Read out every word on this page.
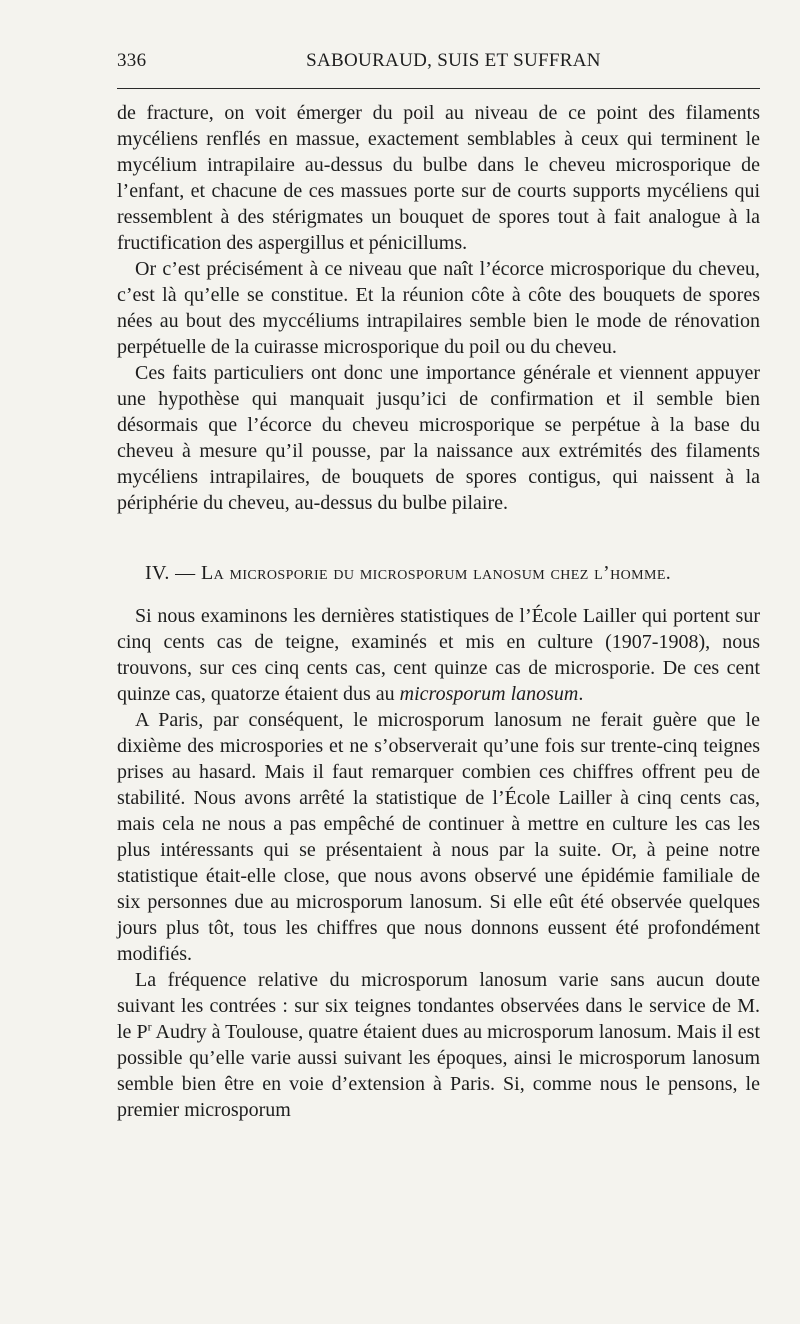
336	SABOURAUD, SUIS ET SUFFRAN

de fracture, on voit émerger du poil au niveau de ce point des filaments mycéliens renflés en massue, exactement semblables à ceux qui terminent le mycélium intrapilaire au-dessus du bulbe dans le cheveu microsporique de l’enfant, et chacune de ces massues porte sur de courts supports mycéliens qui ressemblent à des stérigmates un bouquet de spores tout à fait analogue à la fructification des aspergillus et pénicillums.

Or c’est précisément à ce niveau que naît l’écorce microsporique du cheveu, c’est là qu’elle se constitue. Et la réunion côte à côte des bouquets de spores nées au bout des myccéliums intrapilaires semble bien le mode de rénovation perpétuelle de la cuirasse microsporique du poil ou du cheveu.

Ces faits particuliers ont donc une importance générale et viennent appuyer une hypothèse qui manquait jusqu’ici de confirmation et il semble bien désormais que l’écorce du cheveu microsporique se perpétue à la base du cheveu à mesure qu’il pousse, par la naissance aux extrémités des filaments mycéliens intrapilaires, de bouquets de spores contigus, qui naissent à la périphérie du cheveu, au-dessus du bulbe pilaire.

IV. — La microsporie du microsporum lanosum chez l’homme.

Si nous examinons les dernières statistiques de l’École Lailler qui portent sur cinq cents cas de teigne, examinés et mis en culture (1907-1908), nous trouvons, sur ces cinq cents cas, cent quinze cas de microsporie. De ces cent quinze cas, quatorze étaient dus au microsporum lanosum.

A Paris, par conséquent, le microsporum lanosum ne ferait guère que le dixième des microspories et ne s’observerait qu’une fois sur trente-cinq teignes prises au hasard. Mais il faut remarquer combien ces chiffres offrent peu de stabilité. Nous avons arrêté la statistique de l’École Lailler à cinq cents cas, mais cela ne nous a pas empêché de continuer à mettre en culture les cas les plus intéressants qui se présentaient à nous par la suite. Or, à peine notre statistique était-elle close, que nous avons observé une épidémie familiale de six personnes due au microsporum lanosum. Si elle eût été observée quelques jours plus tôt, tous les chiffres que nous donnons eussent été profondément modifiés.

La fréquence relative du microsporum lanosum varie sans aucun doute suivant les contrées : sur six teignes tondantes observées dans le service de M. le $P^r$ Audry à Toulouse, quatre étaient dues au microsporum lanosum. Mais il est possible qu’elle varie aussi suivant les époques, ainsi le microsporum lanosum semble bien être en voie d’extension à Paris. Si, comme nous le pensons, le premier microsporum
